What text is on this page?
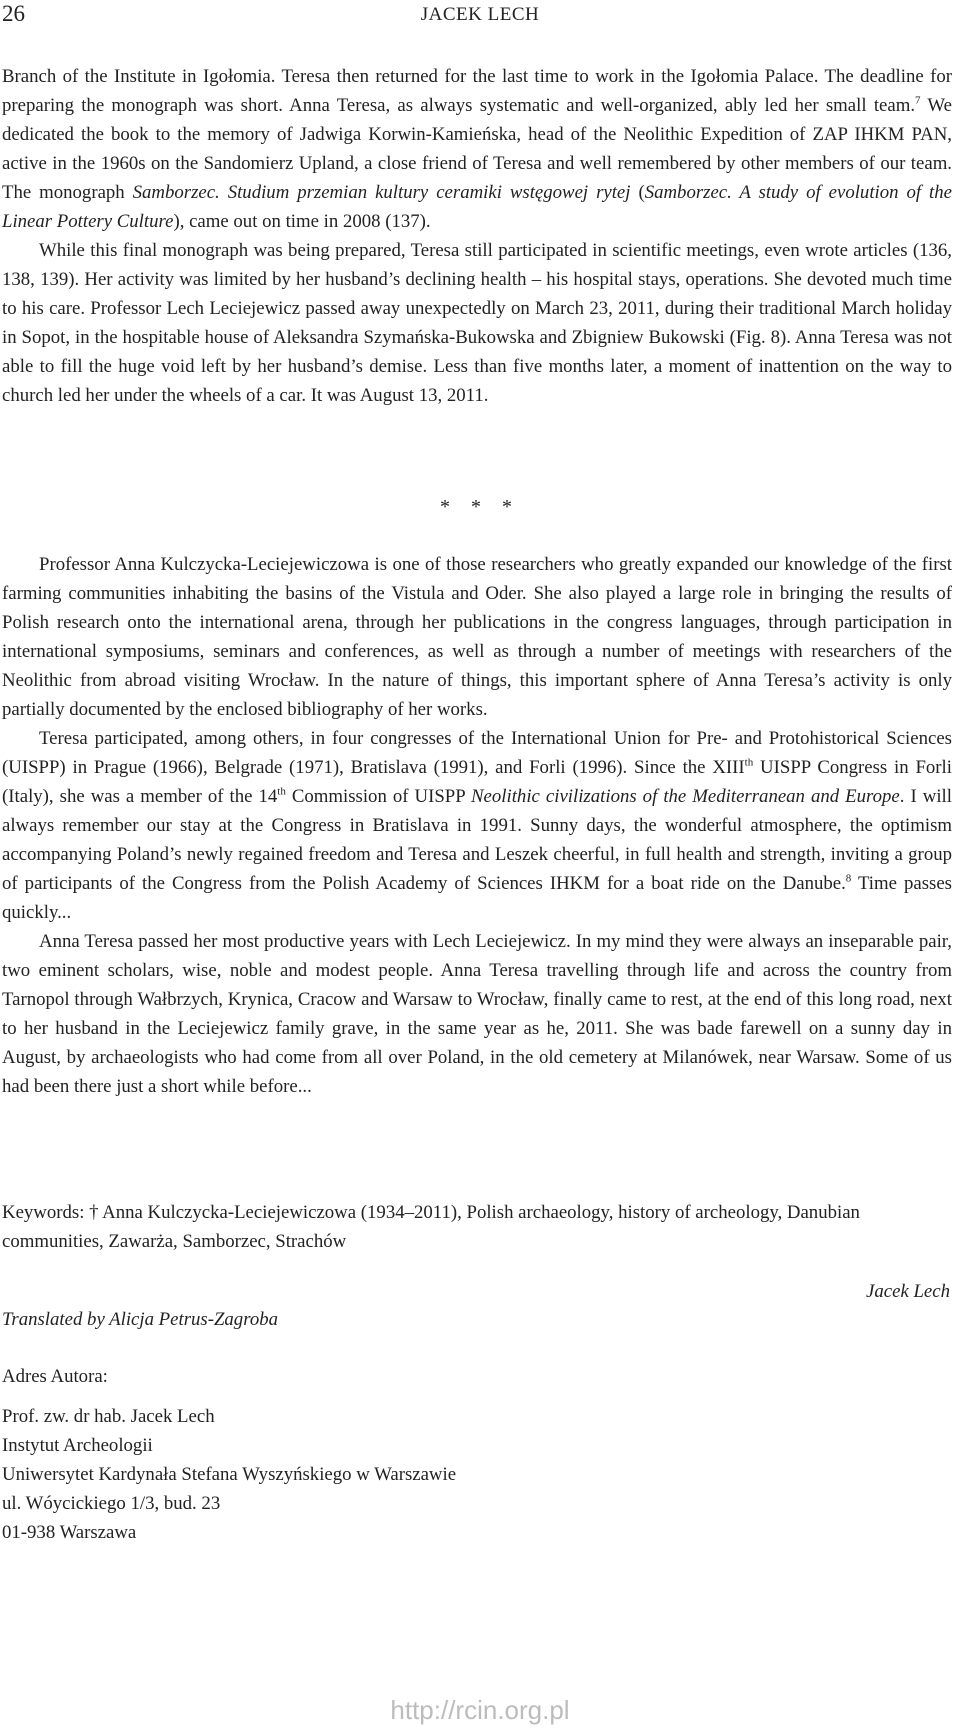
26	JACEK LECH

Branch of the Institute in Igołomia. Teresa then returned for the last time to work in the Igołomia Palace. The deadline for preparing the monograph was short. Anna Teresa, as always systematic and well-organized, ably led her small team.$^7$ We dedicated the book to the memory of Jadwiga Korwin-Kamieńska, head of the Neolithic Expedition of ZAP IHKM PAN, active in the 1960s on the Sandomierz Upland, a close friend of Teresa and well remembered by other members of our team. The monograph Samborzec. Studium przemian kultury ceramiki wstęgowej rytej (Samborzec. A study of evolution of the Linear Pottery Culture), came out on time in 2008 (137).

While this final monograph was being prepared, Teresa still participated in scientific meetings, even wrote articles (136, 138, 139). Her activity was limited by her husband’s declining health – his hospital stays, operations. She devoted much time to his care. Professor Lech Leciejewicz passed away unexpectedly on March 23, 2011, during their traditional March holiday in Sopot, in the hospitable house of Aleksandra Szymańska-Bukowska and Zbigniew Bukowski (Fig. 8). Anna Teresa was not able to fill the huge void left by her husband’s demise. Less than five months later, a moment of inattention on the way to church led her under the wheels of a car. It was August 13, 2011.

* * *

Professor Anna Kulczycka-Leciejewiczowa is one of those researchers who greatly expanded our knowledge of the first farming communities inhabiting the basins of the Vistula and Oder. She also played a large role in bringing the results of Polish research onto the international arena, through her publications in the congress languages, through participation in international symposiums, seminars and conferences, as well as through a number of meetings with researchers of the Neolithic from abroad visiting Wrocław. In the nature of things, this important sphere of Anna Teresa’s activity is only partially documented by the enclosed bibliography of her works.

Teresa participated, among others, in four congresses of the International Union for Pre- and Protohistorical Sciences (UISPP) in Prague (1966), Belgrade (1971), Bratislava (1991), and Forli (1996). Since the XIIIth UISPP Congress in Forli (Italy), she was a member of the 14th Commission of UISPP Neolithic civilizations of the Mediterranean and Europe. I will always remember our stay at the Congress in Bratislava in 1991. Sunny days, the wonderful atmosphere, the optimism accompanying Poland’s newly regained freedom and Teresa and Leszek cheerful, in full health and strength, inviting a group of participants of the Congress from the Polish Academy of Sciences IHKM for a boat ride on the Danube.$^8$ Time passes quickly...

Anna Teresa passed her most productive years with Lech Leciejewicz. In my mind they were always an inseparable pair, two eminent scholars, wise, noble and modest people. Anna Teresa travelling through life and across the country from Tarnopol through Wałbrzych, Krynica, Cracow and Warsaw to Wrocław, finally came to rest, at the end of this long road, next to her husband in the Leciejewicz family grave, in the same year as he, 2011. She was bade farewell on a sunny day in August, by archaeologists who had come from all over Poland, in the old cemetery at Milanówek, near Warsaw. Some of us had been there just a short while before...

Keywords: † Anna Kulczycka-Leciejewiczowa (1934–2011), Polish archaeology, history of archeology, Danubian communities, Zawarża, Samborzec, Strachów
Jacek Lech
Translated by Alicja Petrus-Zagroba
Adres Autora:
Prof. zw. dr hab. Jacek Lech
Instytut Archeologii
Uniwersytet Kardynała Stefana Wyszyńskiego w Warszawie
ul. Wóycickiego 1/3, bud. 23
01-938 Warszawa
http://rcin.org.pl
